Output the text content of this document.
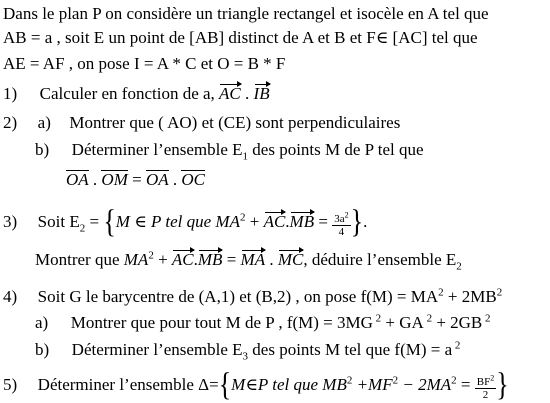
Dans le plan P on considère un triangle rectangel et isocèle en A tel que
AB = a , soit E un point de [AB] distinct de A et B et F∈ [AC] tel que
AE = AF , on pose I = A * C et O = B * F
1) Calculer en fonction de a, AC . IB
2) a) Montrer que ( AO) et (CE) sont perpendiculaires
b) Déterminer l’ensemble $E_1$ des points M de P tel que
OA . OM = OA . OC
3) Soit $E_2 = \{M$ ∈ P tel que $MA^2 + AC.MB = \frac{3a^2}{4}$ }.
Montrer que $MA^2 + AC.MB$ = MA . MC, déduire l’ensemble $E_2$
4) Soit G le barycentre de (A,1) et (B,2) , on pose $f(M) = MA^2 + 2MB^2$
a) Montrer que pour tout M de P , f(M) = 3MG $^2$ + GA $^2$ + 2GB $^2$
b) Déterminer l’ensemble $E_3$ des points M tel que f(M) = a $^2$
5) Déterminer l’ensemble Δ={M∈P tel que $MB^2 +MF^2 - 2MA^2 = \frac{BF^2}{2}$ }
